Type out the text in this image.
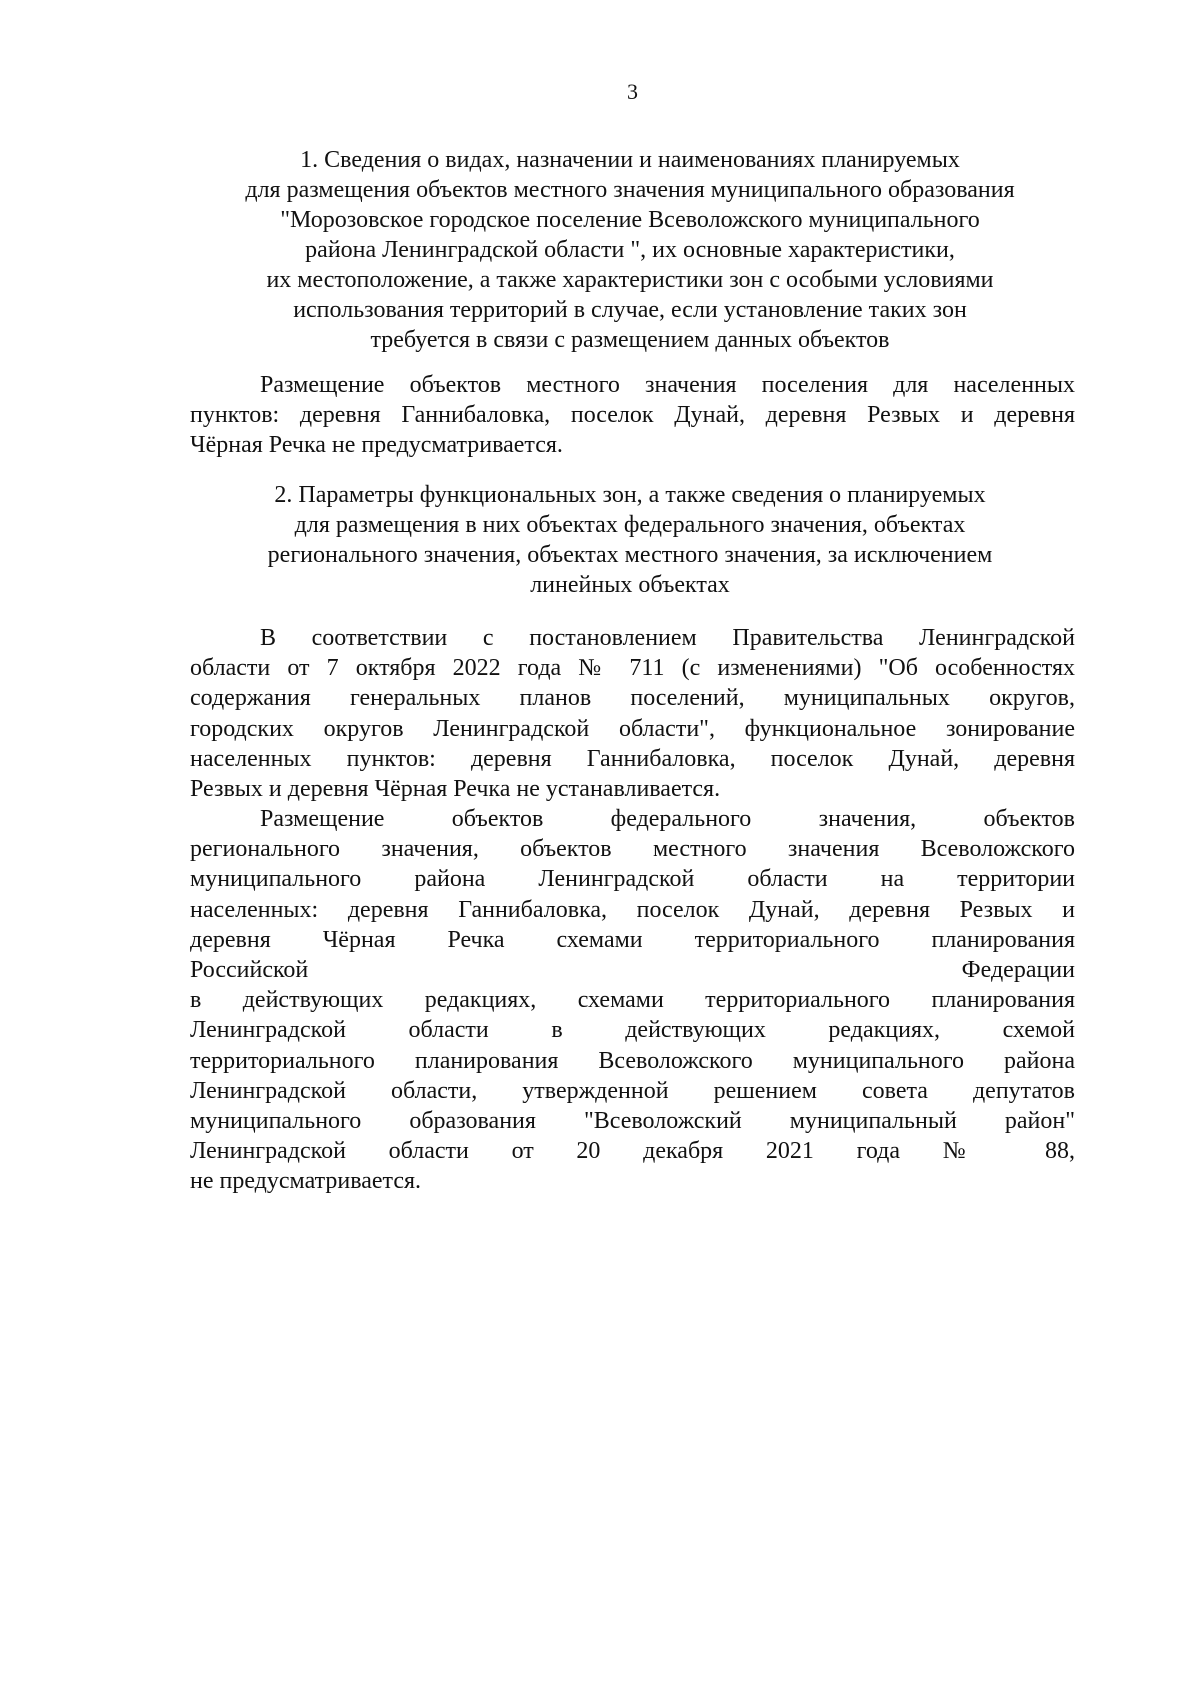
3
1. Сведения о видах, назначении и наименованиях планируемых
для размещения объектов местного значения муниципального образования
"Морозовское городское поселение Всеволожского муниципального
района Ленинградской области ", их основные характеристики,
их местоположение, а также характеристики зон с особыми условиями
использования территорий в случае, если установление таких зон
требуется в связи с размещением данных объектов
Размещение объектов местного значения поселения для населенных
пунктов: деревня Ганнибаловка, поселок Дунай, деревня Резвых и деревня
Чёрная Речка не предусматривается.
2. Параметры функциональных зон, а также сведения о планируемых
для размещения в них объектах федерального значения, объектах
регионального значения, объектах местного значения, за исключением
линейных объектах
В соответствии с постановлением Правительства Ленинградской
области от 7 октября 2022 года № 711 (с изменениями) "Об особенностях
содержания генеральных планов поселений, муниципальных округов,
городских округов Ленинградской области", функциональное зонирование
населенных пунктов: деревня Ганнибаловка, поселок Дунай, деревня
Резвых и деревня Чёрная Речка не устанавливается.
Размещение объектов федерального значения, объектов
регионального значения, объектов местного значения Всеволожского
муниципального района Ленинградской области на территории
населенных: деревня Ганнибаловка, поселок Дунай, деревня Резвых и
деревня Чёрная Речка схемами территориального планирования
Российской Федерации
в действующих редакциях, схемами территориального планирования
Ленинградской области в действующих редакциях, схемой
территориального планирования Всеволожского муниципального района
Ленинградской области, утвержденной решением совета депутатов
муниципального образования "Всеволожский муниципальный район"
Ленинградской области от 20 декабря 2021 года № 88,
не предусматривается.
